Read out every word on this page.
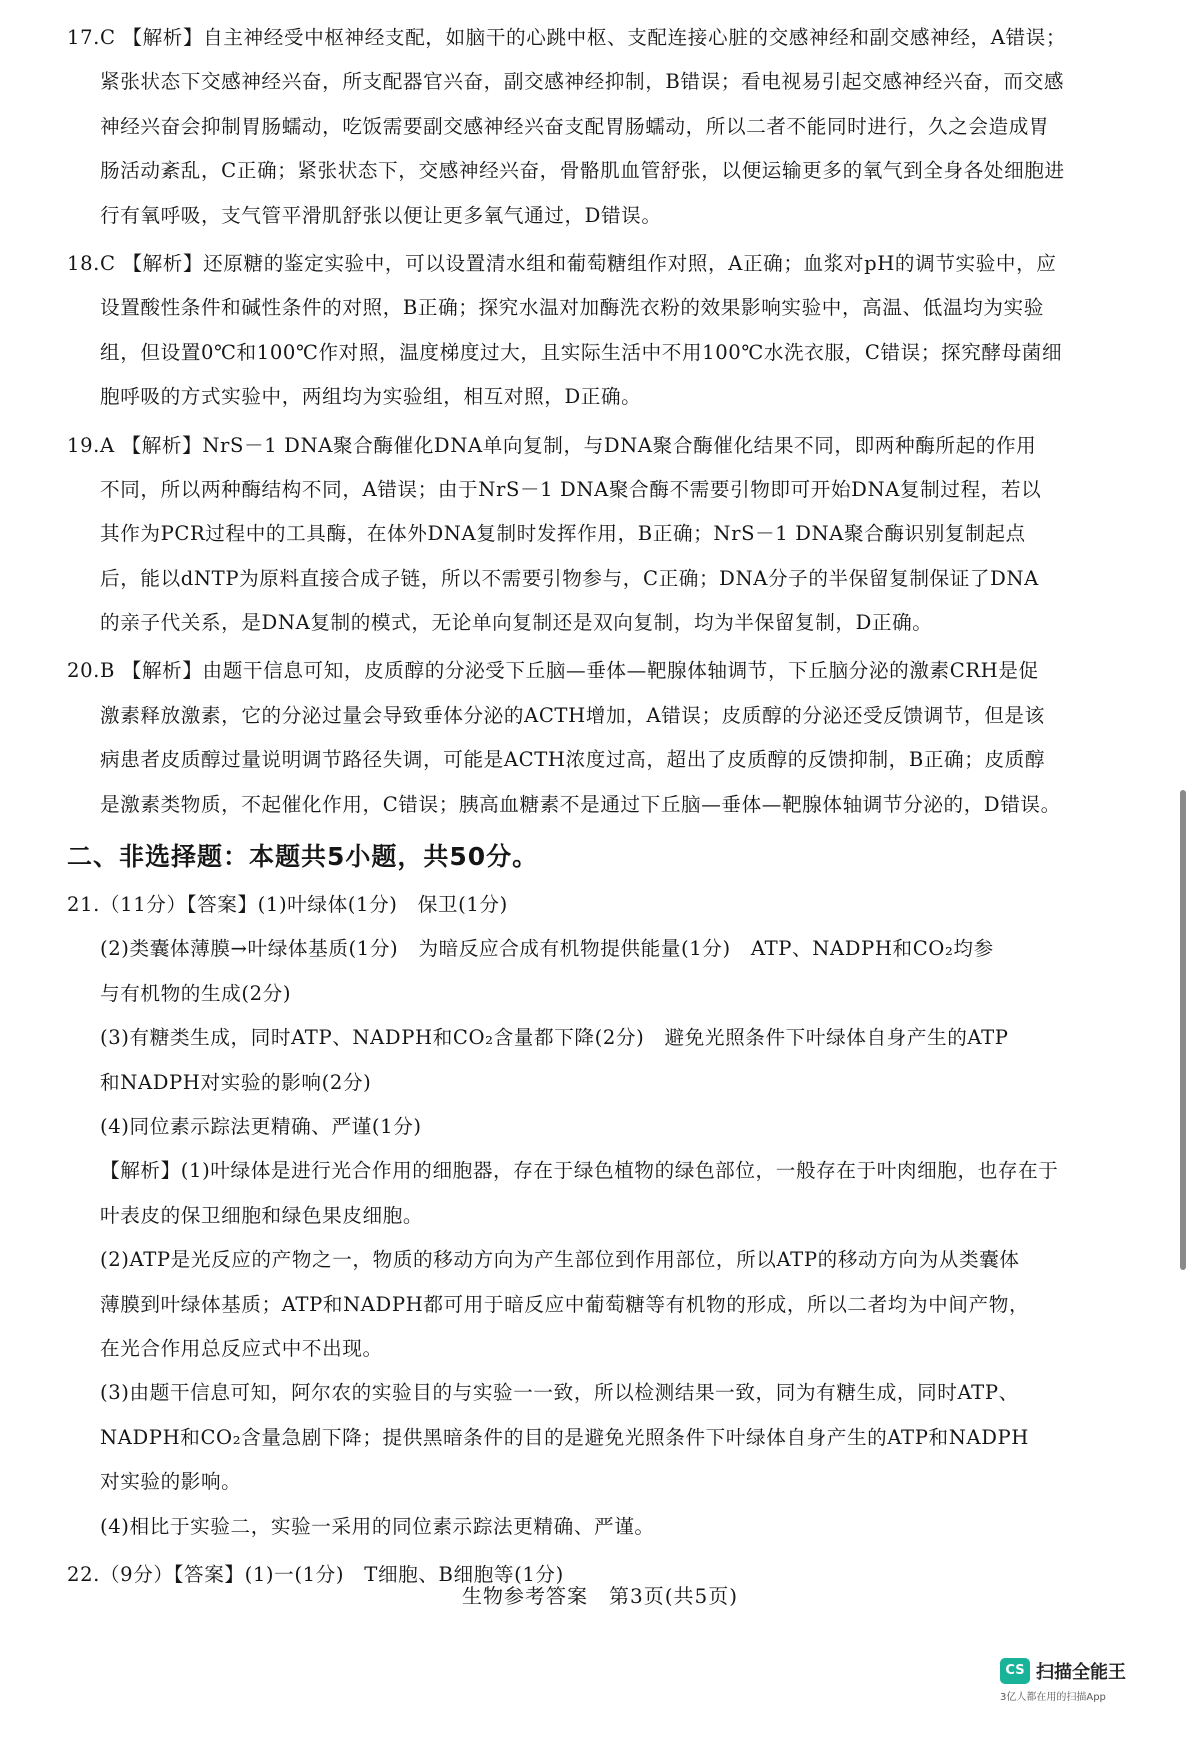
17.C 【解析】自主神经受中枢神经支配，如脑干的心跳中枢、支配连接心脏的交感神经和副交感神经，A错误；
紧张状态下交感神经兴奋，所支配器官兴奋，副交感神经抑制，B错误；看电视易引起交感神经兴奋，而交感
神经兴奋会抑制胃肠蠕动，吃饭需要副交感神经兴奋支配胃肠蠕动，所以二者不能同时进行，久之会造成胃
肠活动紊乱，C正确；紧张状态下，交感神经兴奋，骨骼肌血管舒张，以便运输更多的氧气到全身各处细胞进
行有氧呼吸，支气管平滑肌舒张以便让更多氧气通过，D错误。
18.C 【解析】还原糖的鉴定实验中，可以设置清水组和葡萄糖组作对照，A正确；血浆对pH的调节实验中，应
设置酸性条件和碱性条件的对照，B正确；探究水温对加酶洗衣粉的效果影响实验中，高温、低温均为实验
组，但设置0℃和100℃作对照，温度梯度过大，且实际生活中不用100℃水洗衣服，C错误；探究酵母菌细
胞呼吸的方式实验中，两组均为实验组，相互对照，D正确。
19.A 【解析】NrS－1 DNA聚合酶催化DNA单向复制，与DNA聚合酶催化结果不同，即两种酶所起的作用
不同，所以两种酶结构不同，A错误；由于NrS－1 DNA聚合酶不需要引物即可开始DNA复制过程，若以
其作为PCR过程中的工具酶，在体外DNA复制时发挥作用，B正确；NrS－1 DNA聚合酶识别复制起点
后，能以dNTP为原料直接合成子链，所以不需要引物参与，C正确；DNA分子的半保留复制保证了DNA
的亲子代关系，是DNA复制的模式，无论单向复制还是双向复制，均为半保留复制，D正确。
20.B 【解析】由题干信息可知，皮质醇的分泌受下丘脑—垂体—靶腺体轴调节，下丘脑分泌的激素CRH是促
激素释放激素，它的分泌过量会导致垂体分泌的ACTH增加，A错误；皮质醇的分泌还受反馈调节，但是该
病患者皮质醇过量说明调节路径失调，可能是ACTH浓度过高，超出了皮质醇的反馈抑制，B正确；皮质醇
是激素类物质，不起催化作用，C错误；胰高血糖素不是通过下丘脑—垂体—靶腺体轴调节分泌的，D错误。
二、非选择题：本题共5小题，共50分。
21.（11分）【答案】(1)叶绿体(1分)　保卫(1分)
(2)类囊体薄膜→叶绿体基质(1分)　为暗反应合成有机物提供能量(1分)　ATP、NADPH和CO₂均参
与有机物的生成(2分)
(3)有糖类生成，同时ATP、NADPH和CO₂含量都下降(2分)　避免光照条件下叶绿体自身产生的ATP
和NADPH对实验的影响(2分)
(4)同位素示踪法更精确、严谨(1分)
【解析】(1)叶绿体是进行光合作用的细胞器，存在于绿色植物的绿色部位，一般存在于叶肉细胞，也存在于
叶表皮的保卫细胞和绿色果皮细胞。
(2)ATP是光反应的产物之一，物质的移动方向为产生部位到作用部位，所以ATP的移动方向为从类囊体
薄膜到叶绿体基质；ATP和NADPH都可用于暗反应中葡萄糖等有机物的形成，所以二者均为中间产物，
在光合作用总反应式中不出现。
(3)由题干信息可知，阿尔农的实验目的与实验一一致，所以检测结果一致，同为有糖生成，同时ATP、
NADPH和CO₂含量急剧下降；提供黑暗条件的目的是避免光照条件下叶绿体自身产生的ATP和NADPH
对实验的影响。
(4)相比于实验二，实验一采用的同位素示踪法更精确、严谨。
22.（9分）【答案】(1)一(1分)　T细胞、B细胞等(1分)
生物参考答案　第3页(共5页)
CS 扫描全能王
3亿人都在用的扫描App
